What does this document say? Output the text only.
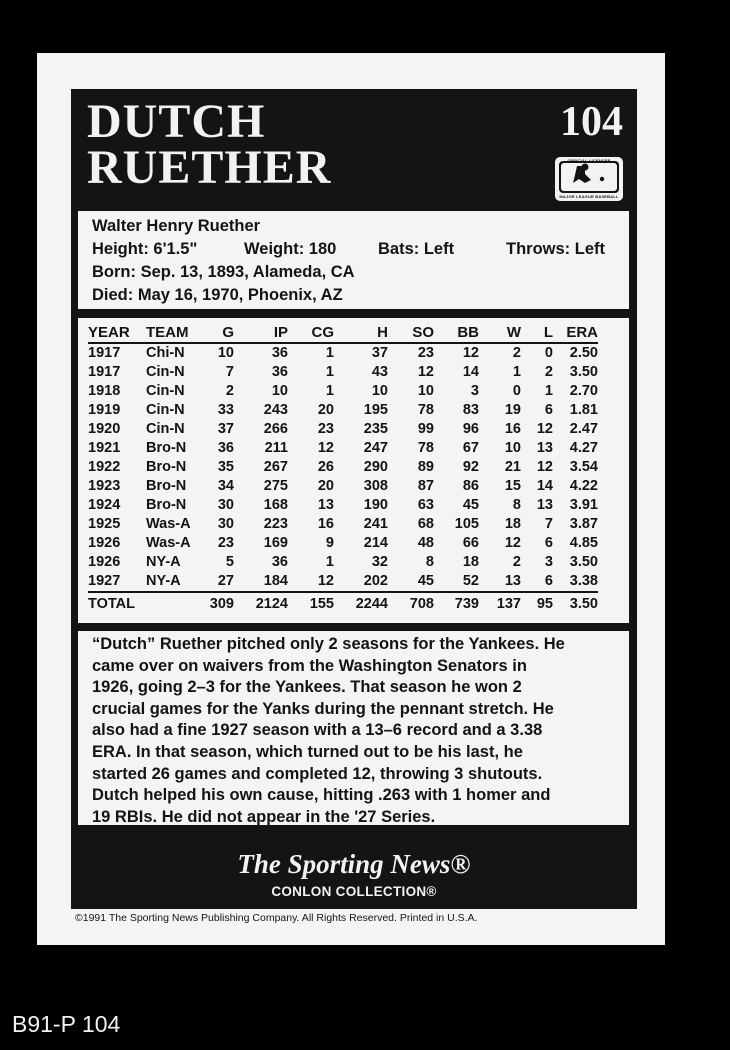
DUTCH
RUETHER
104
OFFICIAL LICENSEE
MAJOR LEAGUE BASEBALL
Walter Henry Ruether
Height: 6'1.5"	Weight: 180	Bats: Left	Throws: Left
Born: Sep. 13, 1893, Alameda, CA
Died: May 16, 1970, Phoenix, AZ
YEAR	TEAM	G	IP	CG	H	SO	BB	W	L	ERA
1917	Chi-N	10	36	1	37	23	12	2	0	2.50
1917	Cin-N	7	36	1	43	12	14	1	2	3.50
1918	Cin-N	2	10	1	10	10	3	0	1	2.70
1919	Cin-N	33	243	20	195	78	83	19	6	1.81
1920	Cin-N	37	266	23	235	99	96	16	12	2.47
1921	Bro-N	36	211	12	247	78	67	10	13	4.27
1922	Bro-N	35	267	26	290	89	92	21	12	3.54
1923	Bro-N	34	275	20	308	87	86	15	14	4.22
1924	Bro-N	30	168	13	190	63	45	8	13	3.91
1925	Was-A	30	223	16	241	68	105	18	7	3.87
1926	Was-A	23	169	9	214	48	66	12	6	4.85
1926	NY-A	5	36	1	32	8	18	2	3	3.50
1927	NY-A	27	184	12	202	45	52	13	6	3.38
TOTAL		309	2124	155	2244	708	739	137	95	3.50
“Dutch” Ruether pitched only 2 seasons for the Yankees. He
came over on waivers from the Washington Senators in
1926, going 2–3 for the Yankees. That season he won 2
crucial games for the Yanks during the pennant stretch. He
also had a fine 1927 season with a 13–6 record and a 3.38
ERA. In that season, which turned out to be his last, he
started 26 games and completed 12, throwing 3 shutouts.
Dutch helped his own cause, hitting .263 with 1 homer and
19 RBIs. He did not appear in the '27 Series.
The Sporting News®
CONLON COLLECTION®
©1991 The Sporting News Publishing Company. All Rights Reserved. Printed in U.S.A.
B91-P 104
